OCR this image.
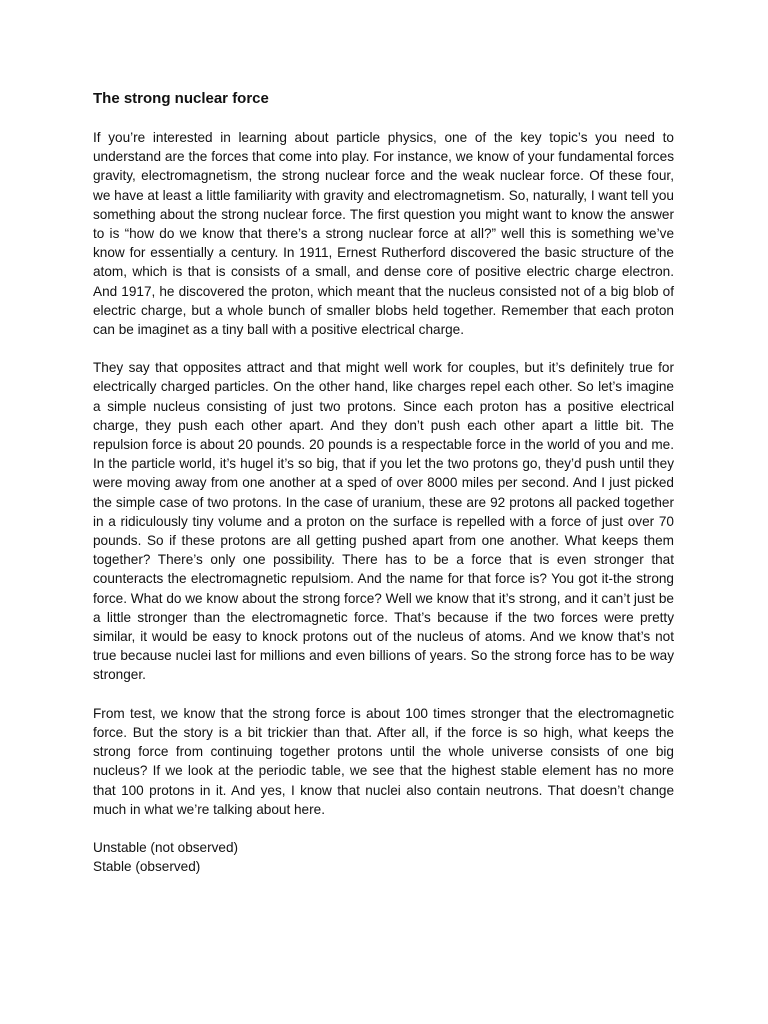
The strong nuclear force

If you’re interested in learning about particle physics, one of the key topic’s you need to understand are the forces that come into play. For instance, we know of your fundamental forces gravity, electromagnetism, the strong nuclear force and the weak nuclear force. Of these four, we have at least a little familiarity with gravity and electromagnetism. So, naturally, I want tell you something about the strong nuclear force. The first question you might want to know the answer to is “how do we know that there’s a strong nuclear force at all?” well this is something we’ve know for essentially a century. In 1911, Ernest Rutherford discovered the basic structure of the atom, which is that is consists of a small, and dense core of positive electric charge electron. And 1917, he discovered the proton, which meant that the nucleus consisted not of a big blob of electric charge, but a whole bunch of smaller blobs held together. Remember that each proton can be imaginet as a tiny ball with a positive electrical charge.

They say that opposites attract and that might well work for couples, but it’s definitely true for electrically charged particles. On the other hand, like charges repel each other. So let’s imagine a simple nucleus consisting of just two protons. Since each proton has a positive electrical charge, they push each other apart. And they don’t push each other apart a little bit. The repulsion force is about 20 pounds. 20 pounds is a respectable force in the world of you and me. In the particle world, it’s hugel it’s so big, that if you let the two protons go, they’d push until they were moving away from one another at a sped of over 8000 miles per second. And I just picked the simple case of two protons. In the case of uranium, these are 92 protons all packed together in a ridiculously tiny volume and a proton on the surface is repelled with a force of just over 70 pounds. So if these protons are all getting pushed apart from one another. What keeps them together? There’s only one possibility. There has to be a force that is even stronger that counteracts the electromagnetic repulsiom. And the name for that force is? You got it-the strong force. What do we know about the strong force? Well we know that it’s strong, and it can’t just be a little stronger than the electromagnetic force. That’s because if the two forces were pretty similar, it would be easy to knock protons out of the nucleus of atoms. And we know that’s not true because nuclei last for millions and even billions of years. So the strong force has to be way stronger.

From test, we know that the strong force is about 100 times stronger that the electromagnetic force. But the story is a bit trickier than that. After all, if the force is so high, what keeps the strong force from continuing together protons until the whole universe consists of one big nucleus? If we look at the periodic table, we see that the highest stable element has no more that 100 protons in it. And yes, I know that nuclei also contain neutrons. That doesn’t change much in what we’re talking about here.

Unstable (not observed)

Stable (observed)
